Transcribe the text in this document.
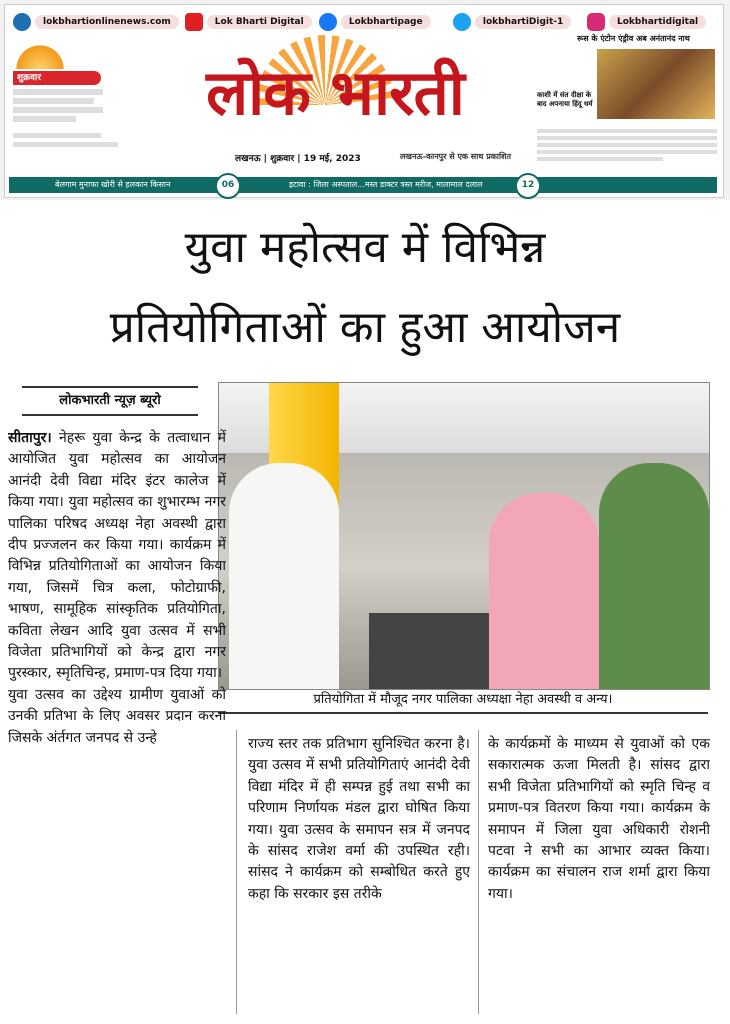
lokbhartionlinenews.com	Lok Bharti Digital	Lokbhartipage	lokbhartiDigit-1	Lokbhartidigital
शुक्रवार	लोक भारती
लखनऊ | शुक्रवार | 19 मई, 2023	लखनऊ-कानपुर से एक साथ प्रकाशित
रूस के एंटोन एंड्रीव अब अनंतानंद नाथ
काशी में संत दीक्षा के बाद अपनाया हिंदू धर्म
बेलगाम मुनाफा खोरी से हलकान किसान	06	इटावा : जिला अस्पताल...मस्त डाक्टर त्रस्त मरीज, मालामाल दलाल	12
युवा महोत्सव में विभिन्न
प्रतियोगिताओं का हुआ आयोजन
लोकभारती न्यूज़ ब्यूरो
प्रतियोगिता में मौजूद नगर पालिका अध्यक्षा नेहा अवस्थी व अन्य।

सीतापुर। नेहरू युवा केन्द्र के तत्वाधान में आयोजित युवा महोत्सव का आयोजन आनंदी देवी विद्या मंदिर इंटर कालेज में किया गया। युवा महोत्सव का शुभारम्भ नगर पालिका परिषद अध्यक्ष नेहा अवस्थी द्वारा दीप प्रज्जलन कर किया गया। कार्यक्रम में विभिन्न प्रतियोगिताओं का आयोजन किया गया, जिसमें चित्र कला, फोटोग्राफी, भाषण, सामूहिक सांस्कृतिक प्रतियोगिता, कविता लेखन आदि युवा उत्सव में सभी विजेता प्रतिभागियों को केन्द्र द्वारा नगर पुरस्कार, स्मृतिचिन्ह, प्रमाण-पत्र दिया गया।

युवा उत्सव का उद्देश्य ग्रामीण युवाओं को उनकी प्रतिभा के लिए अवसर प्रदान करना जिसके अंर्तगत जनपद से उन्हे	राज्य स्तर तक प्रतिभाग सुनिश्चित करना है। युवा उत्सव में सभी प्रतियोगिताएं आनंदी देवी विद्या मंदिर में ही सम्पन्न हुई तथा सभी का परिणाम निर्णायक मंडल द्वारा घोषित किया गया। युवा उत्सव के समापन सत्र में जनपद के सांसद राजेश वर्मा की उपस्थित रही। सांसद ने कार्यक्रम को सम्बोधित करते हुए कहा कि सरकार इस तरीके

के कार्यक्रमों के माध्यम से युवाओं को एक सकारात्मक ऊजा मिलती है। सांसद द्वारा सभी विजेता प्रतिभागियों को स्मृति चिन्ह व प्रमाण-पत्र वितरण किया गया। कार्यक्रम के समापन में जिला युवा अधिकारी रोशनी पटवा ने सभी का आभार व्यक्त किया। कार्यक्रम का संचालन राज शर्मा द्वारा किया गया।
